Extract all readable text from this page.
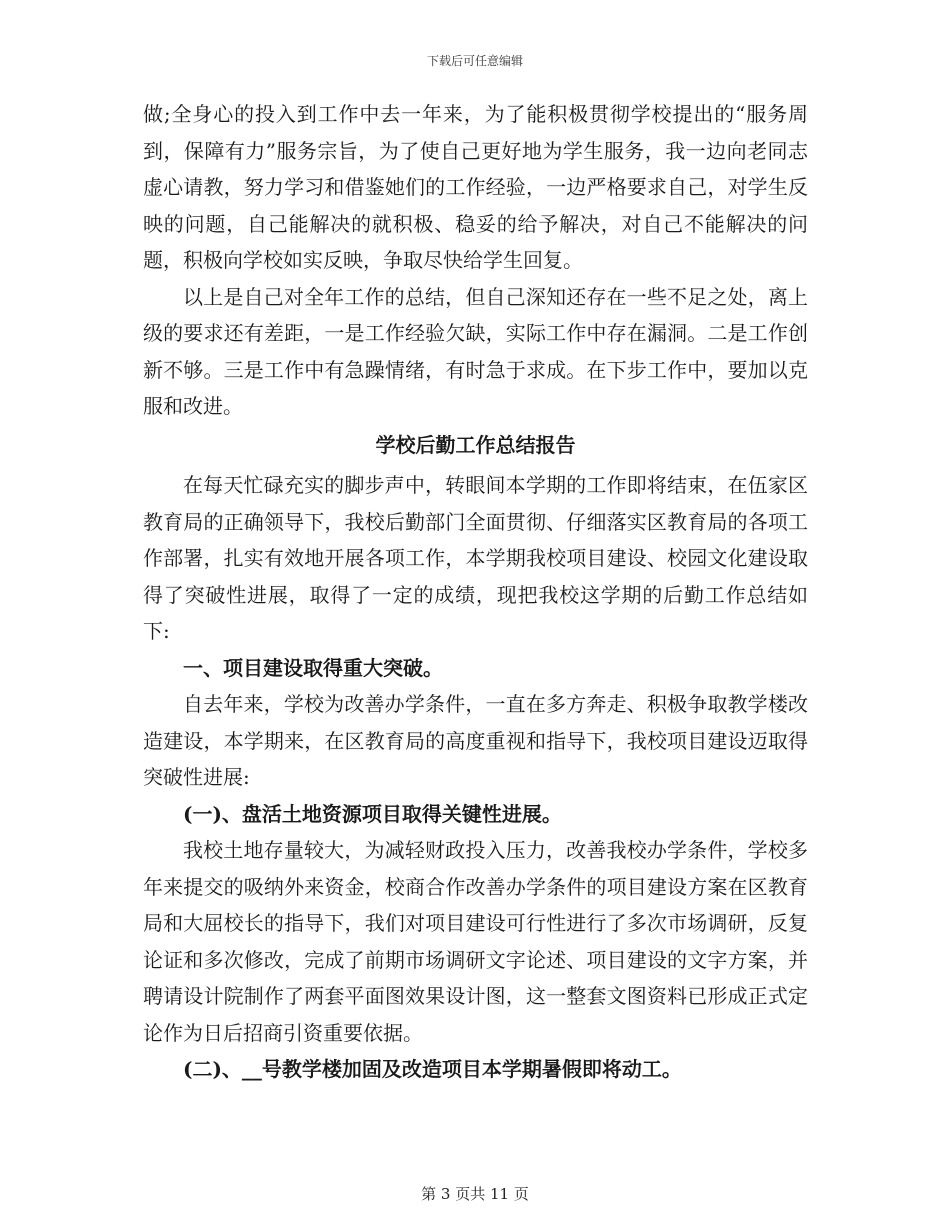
下载后可任意编辑

做;全身心的投入到工作中去一年来，为了能积极贯彻学校提出的“服务周到，保障有力”服务宗旨，为了使自己更好地为学生服务，我一边向老同志虚心请教，努力学习和借鉴她们的工作经验，一边严格要求自己，对学生反映的问题，自己能解决的就积极、稳妥的给予解决，对自己不能解决的问题，积极向学校如实反映，争取尽快给学生回复。

以上是自己对全年工作的总结，但自己深知还存在一些不足之处，离上级的要求还有差距，一是工作经验欠缺，实际工作中存在漏洞。二是工作创新不够。三是工作中有急躁情绪，有时急于求成。在下步工作中，要加以克服和改进。

学校后勤工作总结报告

在每天忙碌充实的脚步声中，转眼间本学期的工作即将结束，在伍家区教育局的正确领导下，我校后勤部门全面贯彻、仔细落实区教育局的各项工作部署，扎实有效地开展各项工作，本学期我校项目建设、校园文化建设取得了突破性进展，取得了一定的成绩，现把我校这学期的后勤工作总结如下:

一、项目建设取得重大突破。

自去年来，学校为改善办学条件，一直在多方奔走、积极争取教学楼改造建设，本学期来，在区教育局的高度重视和指导下，我校项目建设迈取得突破性进展:

(一)、盘活土地资源项目取得关键性进展。

我校土地存量较大，为减轻财政投入压力，改善我校办学条件，学校多年来提交的吸纳外来资金，校商合作改善办学条件的项目建设方案在区教育局和大屈校长的指导下，我们对项目建设可行性进行了多次市场调研，反复论证和多次修改，完成了前期市场调研文字论述、项目建设的文字方案，并聘请设计院制作了两套平面图效果设计图，这一整套文图资料已形成正式定论作为日后招商引资重要依据。

(二)、__号教学楼加固及改造项目本学期暑假即将动工。

第 3 页共 11 页
